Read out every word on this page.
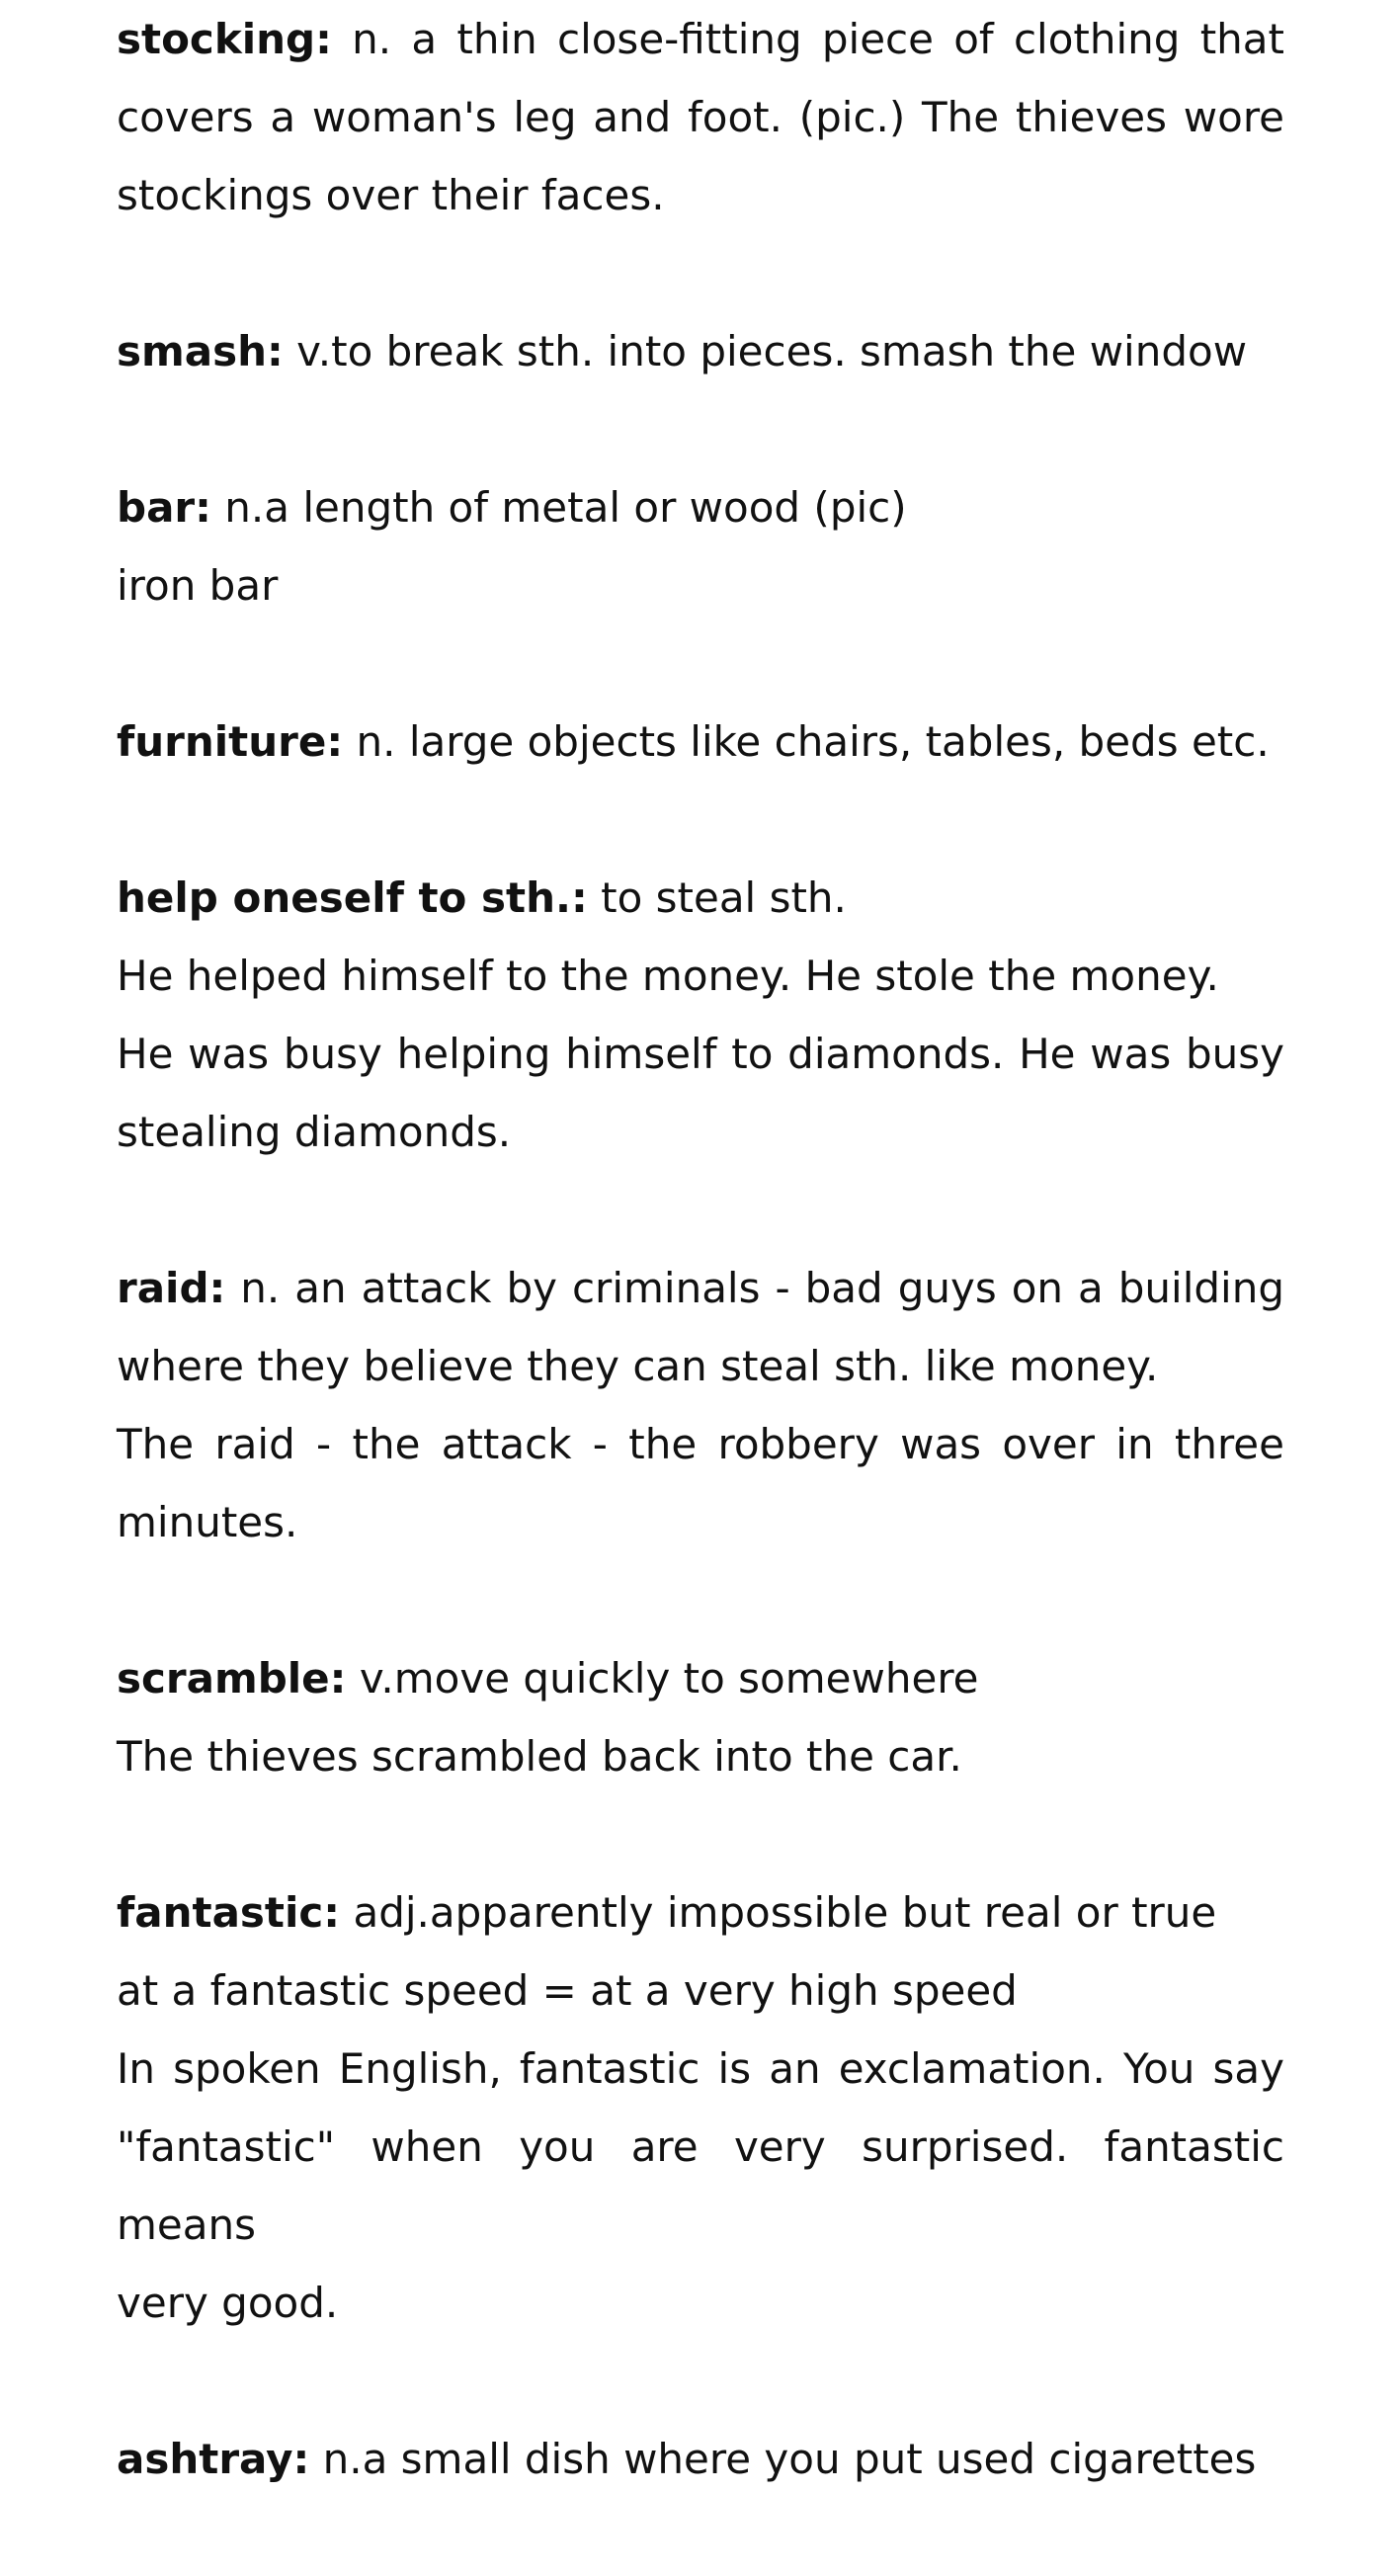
stocking: n. a thin close-fitting piece of clothing that
covers a woman's leg and foot. (pic.) The thieves wore
stockings over their faces.
smash: v.to break sth. into pieces. smash the window
bar: n.a length of metal or wood (pic)
iron bar
furniture: n. large objects like chairs, tables, beds etc.
help oneself to sth.: to steal sth.
He helped himself to the money. He stole the money.
He was busy helping himself to diamonds. He was busy
stealing diamonds.
raid: n. an attack by criminals - bad guys on a building
where they believe they can steal sth. like money.
The raid - the attack - the robbery was over in three
minutes.
scramble: v.move quickly to somewhere
The thieves scrambled back into the car.
fantastic: adj.apparently impossible but real or true
at a fantastic speed = at a very high speed
In spoken English, fantastic is an exclamation. You say
"fantastic" when you are very surprised. fantastic means
very good.
ashtray: n.a small dish where you put used cigarettes
